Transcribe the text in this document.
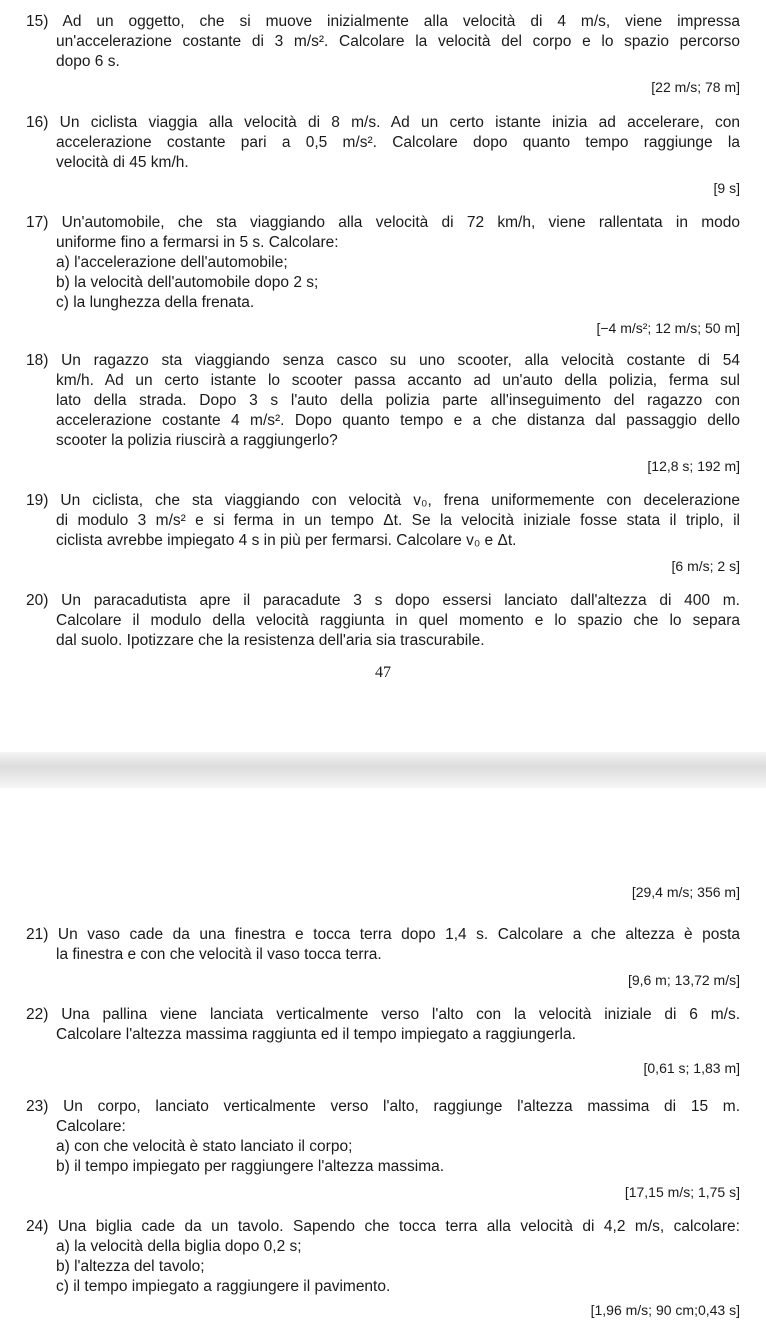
15) Ad un oggetto, che si muove inizialmente alla velocità di 4 m/s, viene impressa
un'accelerazione costante di 3 m/s². Calcolare la velocità del corpo e lo spazio percorso
dopo 6 s.
[22 m/s; 78 m]
16) Un ciclista viaggia alla velocità di 8 m/s. Ad un certo istante inizia ad accelerare, con
accelerazione costante pari a 0,5 m/s². Calcolare dopo quanto tempo raggiunge la
velocità di 45 km/h.
[9 s]
17) Un'automobile, che sta viaggiando alla velocità di 72 km/h, viene rallentata in modo
uniforme fino a fermarsi in 5 s. Calcolare:
a) l'accelerazione dell'automobile;
b) la velocità dell'automobile dopo 2 s;
c) la lunghezza della frenata.
[−4 m/s²; 12 m/s; 50 m]
18) Un ragazzo sta viaggiando senza casco su uno scooter, alla velocità costante di 54
km/h. Ad un certo istante lo scooter passa accanto ad un'auto della polizia, ferma sul
lato della strada. Dopo 3 s l'auto della polizia parte all'inseguimento del ragazzo con
accelerazione costante 4 m/s². Dopo quanto tempo e a che distanza dal passaggio dello
scooter la polizia riuscirà a raggiungerlo?
[12,8 s; 192 m]
19) Un ciclista, che sta viaggiando con velocità v₀, frena uniformemente con decelerazione
di modulo 3 m/s² e si ferma in un tempo Δt. Se la velocità iniziale fosse stata il triplo, il
ciclista avrebbe impiegato 4 s in più per fermarsi. Calcolare v₀ e Δt.
[6 m/s; 2 s]
20) Un paracadutista apre il paracadute 3 s dopo essersi lanciato dall'altezza di 400 m.
Calcolare il modulo della velocità raggiunta in quel momento e lo spazio che lo separa
dal suolo. Ipotizzare che la resistenza dell'aria sia trascurabile.
47
[29,4 m/s; 356 m]
21) Un vaso cade da una finestra e tocca terra dopo 1,4 s. Calcolare a che altezza è posta
la finestra e con che velocità il vaso tocca terra.
[9,6 m; 13,72 m/s]
22) Una pallina viene lanciata verticalmente verso l'alto con la velocità iniziale di 6 m/s.
Calcolare l'altezza massima raggiunta ed il tempo impiegato a raggiungerla.
[0,61 s; 1,83 m]
23) Un corpo, lanciato verticalmente verso l'alto, raggiunge l'altezza massima di 15 m.
Calcolare:
a) con che velocità è stato lanciato il corpo;
b) il tempo impiegato per raggiungere l'altezza massima.
[17,15 m/s; 1,75 s]
24) Una biglia cade da un tavolo. Sapendo che tocca terra alla velocità di 4,2 m/s, calcolare:
a) la velocità della biglia dopo 0,2 s;
b) l'altezza del tavolo;
c) il tempo impiegato a raggiungere il pavimento.
[1,96 m/s; 90 cm;0,43 s]
